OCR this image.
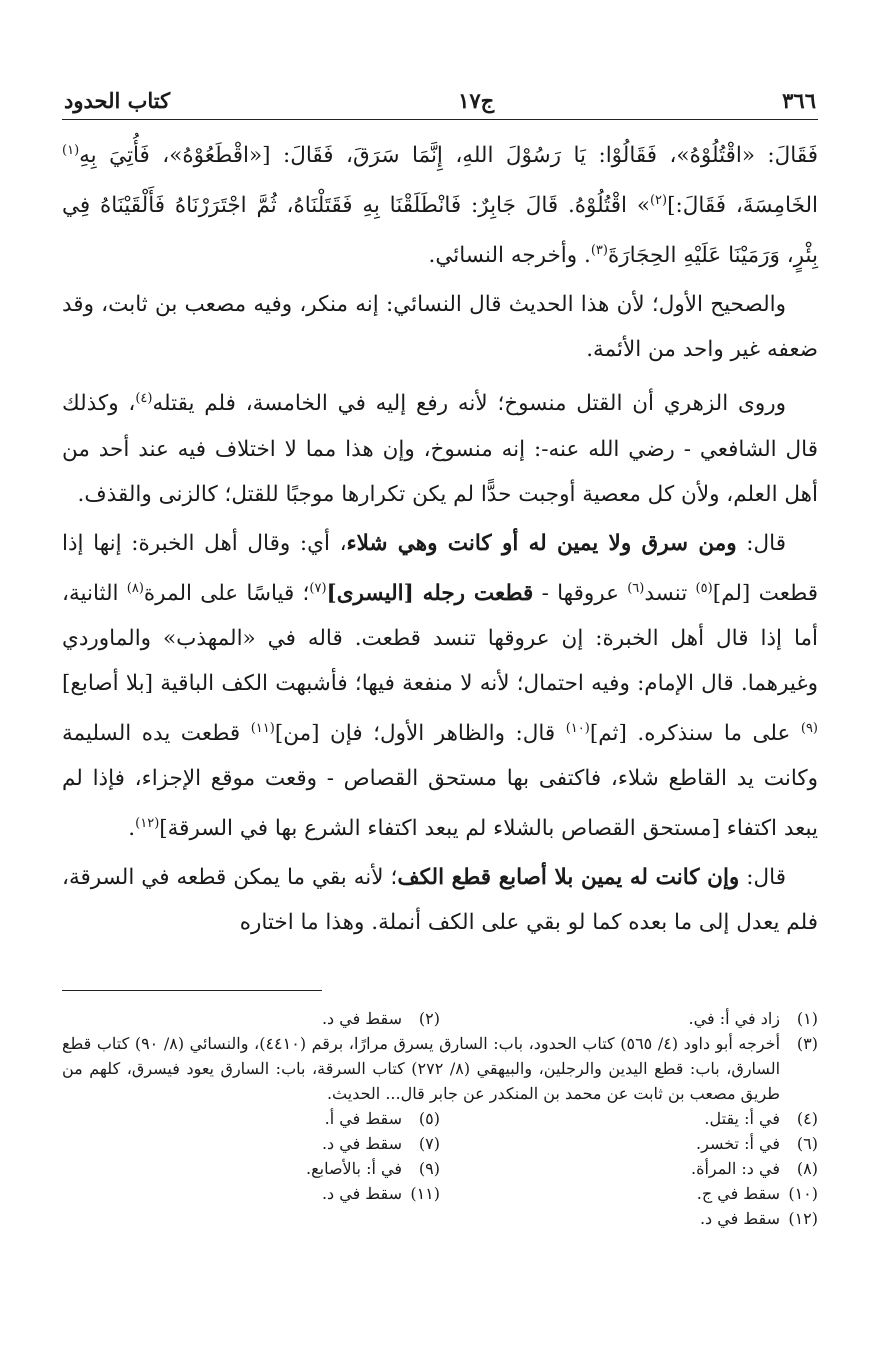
٣٦٦
ج١٧
كتاب الحدود

فَقَالَ: «اقْتُلُوْهُ»، فَقَالُوْا: يَا رَسُوْلَ اللهِ، إِنَّمَا سَرَقَ، فَقَالَ: [«اقْطَعُوْهُ»، فَأُتِيَ بِهِ$^{(١)}$ الخَامِسَةَ، فَقَالَ:]$^{(٢)}$» اقْتُلُوْهُ. قَالَ جَابِرٌ: فَانْطَلَقْنَا بِهِ فَقَتَلْنَاهُ، ثُمَّ اجْتَرَرْنَاهُ فَأَلْقَيْنَاهُ فِي بِئْرٍ، وَرَمَيْنَا عَلَيْهِ الحِجَارَةَ$^{(٣)}$. وأخرجه النسائي.

والصحيح الأول؛ لأن هذا الحديث قال النسائي: إنه منكر، وفيه مصعب بن ثابت، وقد ضعفه غير واحد من الأئمة.

وروى الزهري أن القتل منسوخ؛ لأنه رفع إليه في الخامسة، فلم يقتله$^{(٤)}$، وكذلك قال الشافعي - رضي الله عنه-: إنه منسوخ، وإن هذا مما لا اختلاف فيه عند أحد من أهل العلم، ولأن كل معصية أوجبت حدًّا لم يكن تكرارها موجبًا للقتل؛ كالزنى والقذف.

قال: ومن سرق ولا يمين له أو كانت وهي شلاء، أي: وقال أهل الخبرة: إنها إذا قطعت [لم]$^{(٥)}$ تنسد$^{(٦)}$ عروقها - قطعت رجله [اليسرى]$^{(٧)}$؛ قياسًا على المرة$^{(٨)}$ الثانية، أما إذا قال أهل الخبرة: إن عروقها تنسد قطعت. قاله في «المهذب» والماوردي وغيرهما. قال الإمام: وفيه احتمال؛ لأنه لا منفعة فيها؛ فأشبهت الكف الباقية [بلا أصابع]$^{(٩)}$ على ما سنذكره. [ثم]$^{(١٠)}$ قال: والظاهر الأول؛ فإن [من]$^{(١١)}$ قطعت يده السليمة وكانت يد القاطع شلاء، فاكتفى بها مستحق القصاص - وقعت موقع الإجزاء، فإذا لم يبعد اكتفاء [مستحق القصاص بالشلاء لم يبعد اكتفاء الشرع بها في السرقة]$^{(١٢)}$.

قال: وإن كانت له يمين بلا أصابع قطع الكف؛ لأنه بقي ما يمكن قطعه في السرقة، فلم يعدل إلى ما بعده كما لو بقي على الكف أنملة. وهذا ما اختاره

(١)
زاد في أ: في.
(٢)
سقط في د.
(٣)
أخرجه أبو داود (٤/ ٥٦٥) كتاب الحدود، باب: السارق يسرق مرارًا، برقم (٤٤١٠)، والنسائي (٨/ ٩٠) كتاب قطع السارق، باب: قطع اليدين والرجلين، والبيهقي (٨/ ٢٧٢) كتاب السرقة، باب: السارق يعود فيسرق، كلهم من طريق مصعب بن ثابت عن محمد بن المنكدر عن جابر قال... الحديث.
(٤)
في أ: يقتل.
(٥)
سقط في أ.
(٦)
في أ: تخسر.
(٧)
سقط في د.
(٨)
في د: المرأة.
(٩)
في أ: بالأصابع.
(١٠)
سقط في ج.
(١١)
سقط في د.
(١٢)
سقط في د.
